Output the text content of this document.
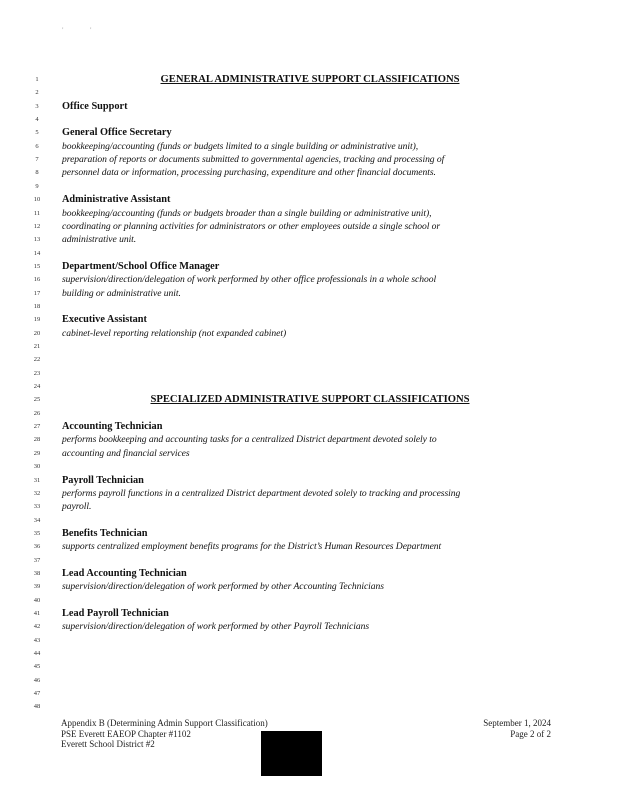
,	,
1	GENERAL ADMINISTRATIVE SUPPORT CLASSIFICATIONS
2
3	Office Support
4
5	General Office Secretary
6	bookkeeping/accounting (funds or budgets limited to a single building or administrative unit),
7	preparation of reports or documents submitted to governmental agencies, tracking and processing of
8	personnel data or information, processing purchasing, expenditure and other financial documents.
9
10	Administrative Assistant
11	bookkeeping/accounting (funds or budgets broader than a single building or administrative unit),
12	coordinating or planning activities for administrators or other employees outside a single school or
13	administrative unit.
14
15	Department/School Office Manager
16	supervision/direction/delegation of work performed by other office professionals in a whole school
17	building or administrative unit.
18
19	Executive Assistant
20	cabinet-level reporting relationship (not expanded cabinet)
21
22
23
24
25	SPECIALIZED ADMINISTRATIVE SUPPORT CLASSIFICATIONS
26
27	Accounting Technician
28	performs bookkeeping and accounting tasks for a centralized District department devoted solely to
29	accounting and financial services
30
31	Payroll Technician
32	performs payroll functions in a centralized District department devoted solely to tracking and processing
33	payroll.
34
35	Benefits Technician
36	supports centralized employment benefits programs for the District’s Human Resources Department
37
38	Lead Accounting Technician
39	supervision/direction/delegation of work performed by other Accounting Technicians
40
41	Lead Payroll Technician
42	supervision/direction/delegation of work performed by other Payroll Technicians
43
44
45
46
47
48
Appendix B (Determining Admin Support Classification)
PSE Everett EAEOP Chapter #1102
Everett School District #2
September 1, 2024
Page 2 of 2
